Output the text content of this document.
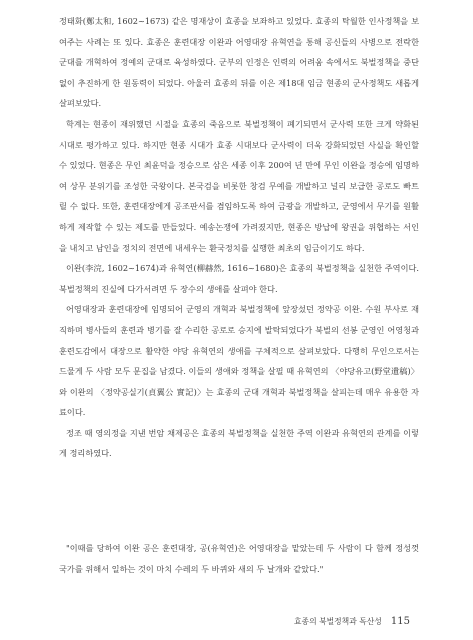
정태화(鄭太和, 1602~1673) 같은 명재상이 효종을 보좌하고 있었다. 효종의 탁월한 인사정책을 보여주는 사례는 또 있다. 효종은 훈련대장 이완과 어영대장 유혁연을 통해 공신들의 사병으로 전락한 군대를 개혁하여 정예의 군대로 육성하였다. 군부의 인정은 인력의 어려움 속에서도 북벌정책을 중단 없이 추진하게 한 원동력이 되었다. 아울러 효종의 뒤를 이은 제18대 임금 현종의 군사정책도 새롭게 살펴보았다.

학계는 현종이 재위했던 시절을 효종의 죽음으로 북벌정책이 폐기되면서 군사력 또한 크게 약화된 시대로 평가하고 있다. 하지만 현종 시대가 효종 시대보다 군사력이 더욱 강화되었던 사실을 확인할 수 있었다. 현종은 무인 최윤덕을 정승으로 삼은 세종 이후 200여 년 만에 무인 이완을 정승에 임명하여 상무 분위기를 조성한 국왕이다. 본국검을 비롯한 창검 무예를 개발하고 널리 보급한 공로도 빠트릴 수 없다. 또한, 훈련대장에게 공조판서를 겸임하도록 하여 금광을 개발하고, 군영에서 무기를 원활하게 제작할 수 있는 제도를 만들었다. 예송논쟁에 가려졌지만, 현종은 방납에 왕권을 위협하는 서인을 내치고 남인을 정치의 전면에 내세우는 환국정치를 실행한 최초의 임금이기도 하다.

이완(李浣, 1602~1674)과 유혁연(柳赫然, 1616~1680)은 효종의 북벌정책을 실천한 주역이다. 북벌정책의 진실에 다가서려면 두 장수의 생애를 살펴야 한다.

어영대장과 훈련대장에 임명되어 군영의 개혁과 북벌정책에 앞장섰던 정약공 이완. 수원 부사로 재직하며 병사들의 훈련과 병기를 잘 수리한 공로로 승지에 발탁되었다가 북벌의 선봉 군영인 어영청과 훈련도감에서 대장으로 활약한 야당 유혁연의 생애를 구체적으로 살펴보았다. 다행히 무인으로서는 드물게 두 사람 모두 문집을 남겼다. 이들의 생애와 정책을 살필 때 유혁연의 〈야당유고(野堂遺稿)〉와 이완의 〈정약공실기(貞翼公 實記)〉는 효종의 군대 개혁과 북벌정책을 살피는데 매우 유용한 자료이다.

정조 때 영의정을 지낸 번암 채제공은 효종의 북벌정책을 실천한 주역 이완과 유혁연의 관계를 이렇게 정리하였다.

"이때를 당하여 이완 공은 훈련대장, 공(유혁연)은 어영대장을 맡았는데 두 사람이 다 함께 정성껏 국가를 위해서 일하는 것이 마치 수레의 두 바퀴와 새의 두 날개와 같았다."

효종의 북벌정책과 독산성 115
